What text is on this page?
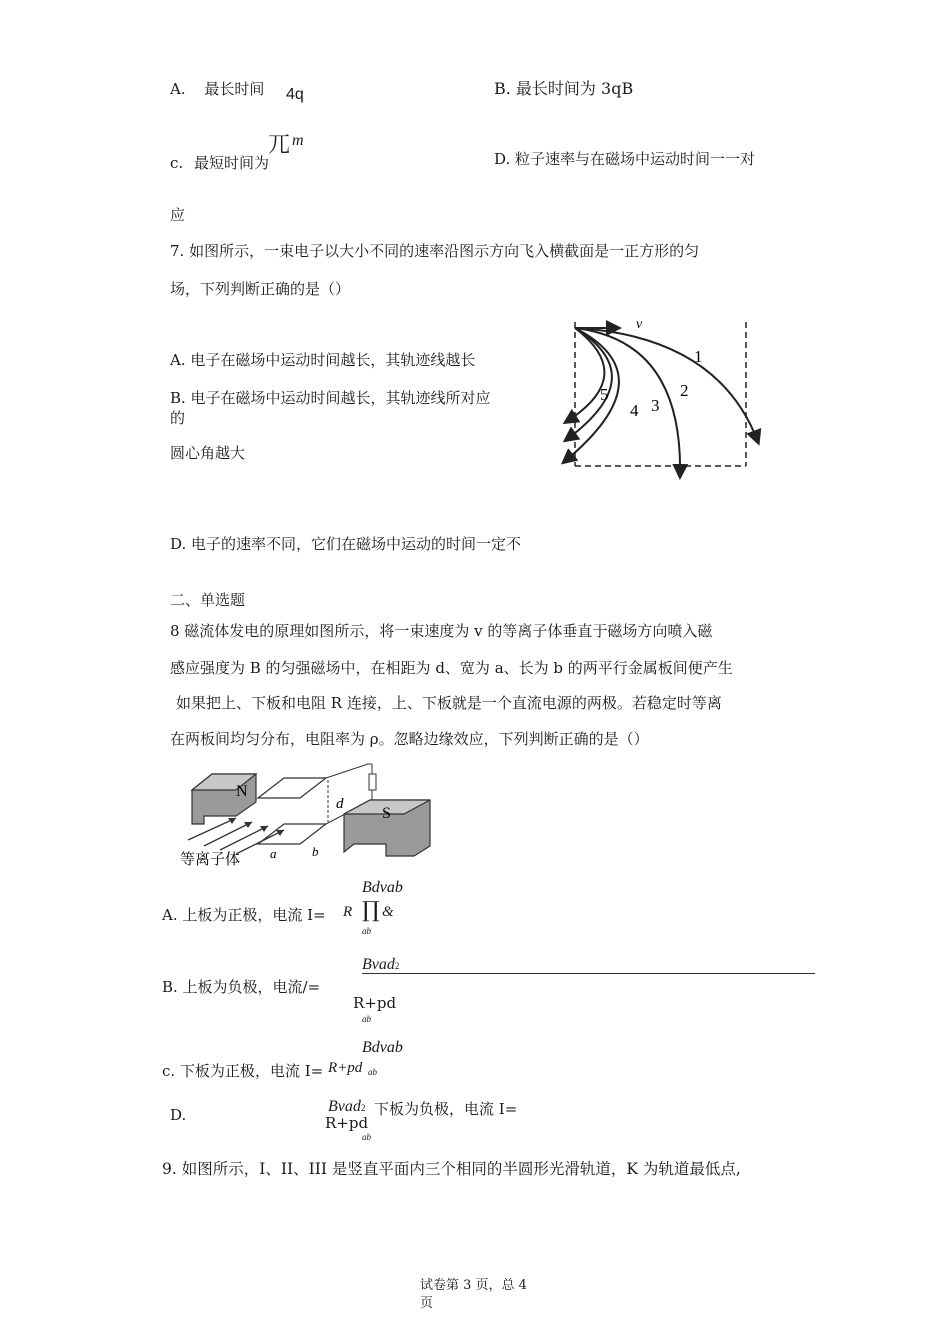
A. 最长时间	4q
兀 m
B. 最长时间为 3qB
c. 最短时间为	D. 粒子速率与在磁场中运动时间一一对
应
7. 如图所示，一束电子以大小不同的速率沿图示方向飞入横截面是一正方形的匀
场，下列判断正确的是（）
A. 电子在磁场中运动时间越长，其轨迹线越长
B. 电子在磁场中运动时间越长，其轨迹线所对应
的
圆心角越大
D. 电子的速率不同，它们在磁场中运动的时间一定不
v
1
2
3
4
5
二、单选题
8 磁流体发电的原理如图所示，将一束速度为 v 的等离子体垂直于磁场方向喷入磁
感应强度为 B 的匀强磁场中，在相距为 d、宽为 a、长为 b 的两平行金属板间便产生
如果把上、下板和电阻 R 连接，上、下板就是一个直流电源的两极。若稳定时等离
在两板间均匀分布，电阻率为 ρ。忽略边缘效应，下列判断正确的是（）
N
d
S
a	b
等离子体
Bdvab
A. 上板为正极，电流 I= R ∏ &
ab
Bvad2
B. 上板为负极，电流/=
R+pd
ab
Bdvab
c. 下板为正极，电流 I= R+pd ab
D.	Bvad2 下板为负极，电流 I=
R+pd
ab
9. 如图所示，I、II、III 是竖直平面内三个相同的半圆形光滑轨道，K 为轨道最低点,
试卷第 3 页，总 4
页
